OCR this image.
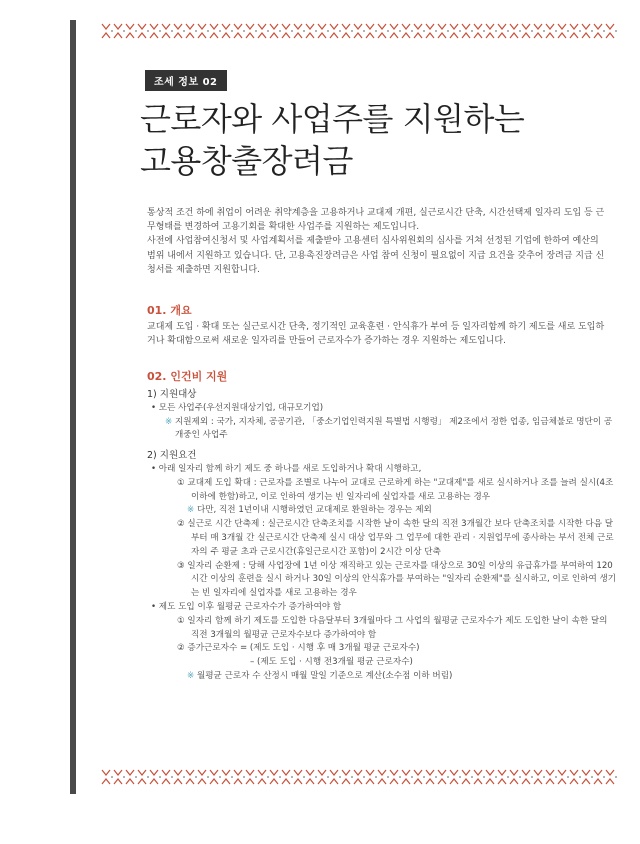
조세 정보 02
근로자와 사업주를 지원하는
고용창출장려금

통상적 조건 하에 취업이 어려운 취약계층을 고용하거나 교대제 개편, 실근로시간 단축, 시간선택제 일자리 도입 등 근무형태를 변경하여 고용기회를 확대한 사업주를 지원하는 제도입니다.

사전에 사업참여신청서 및 사업계획서를 제출받아 고용센터 심사위원회의 심사를 거쳐 선정된 기업에 한하여 예산의 범위 내에서 지원하고 있습니다. 단, 고용촉진장려금은 사업 참여 신청이 필요없이 지급 요건을 갖추어 장려금 지급 신청서를 제출하면 지원합니다.

01. 개요

교대제 도입 · 확대 또는 실근로시간 단축, 정기적인 교육훈련 · 안식휴가 부여 등 일자리함께 하기 제도를 새로 도입하거나 확대함으로써 새로운 일자리를 만들어 근로자수가 증가하는 경우 지원하는 제도입니다.

02. 인건비 지원

1) 지원대상

• 모든 사업주(우선지원대상기업, 대규모기업)

※ 지원제외 : 국가, 지자체, 공공기관, 「중소기업인력지원 특별법 시행령」 제2조에서 정한 업종, 임금체불로 명단이 공개중인 사업주

2) 지원요건

• 아래 일자리 함께 하기 제도 중 하나를 새로 도입하거나 확대 시행하고,

① 교대제 도입 확대 : 근로자를 조별로 나누어 교대로 근로하게 하는 "교대제"를 새로 실시하거나 조를 늘려 실시(4조 이하에 한함)하고, 이로 인하여 생기는 빈 일자리에 실업자를 새로 고용하는 경우

※ 다만, 직전 1년이내 시행하였던 교대제로 환원하는 경우는 제외

② 실근로 시간 단축제 : 실근로시간 단축조치를 시작한 날이 속한 달의 직전 3개월간 보다 단축조치를 시작한 다음 달부터 매 3개월 간 실근로시간 단축제 실시 대상 업무와 그 업무에 대한 관리 · 지원업무에 종사하는 부서 전체 근로자의 주 평균 초과 근로시간(휴일근로시간 포함)이 2시간 이상 단축

③ 일자리 순환제 : 당해 사업장에 1년 이상 재직하고 있는 근로자를 대상으로 30일 이상의 유급휴가를 부여하여 120시간 이상의 훈련을 실시 하거나 30일 이상의 안식휴가를 부여하는 "일자리 순환제"를 실시하고, 이로 인하여 생기는 빈 일자리에 실업자를 새로 고용하는 경우

• 제도 도입 이후 월평균 근로자수가 증가하여야 함

① 일자리 함께 하기 제도를 도입한 다음달부터 3개월마다 그 사업의 월평균 근로자수가 제도 도입한 날이 속한 달의 직전 3개월의 월평균 근로자수보다 증가하여야 함

② 증가근로자수 = (제도 도입 · 시행 후 매 3개월 평균 근로자수)

– (제도 도입 · 시행 전3개월 평균 근로자수)

※ 월평균 근로자 수 산정시 매월 말일 기준으로 계산(소수점 이하 버림)
